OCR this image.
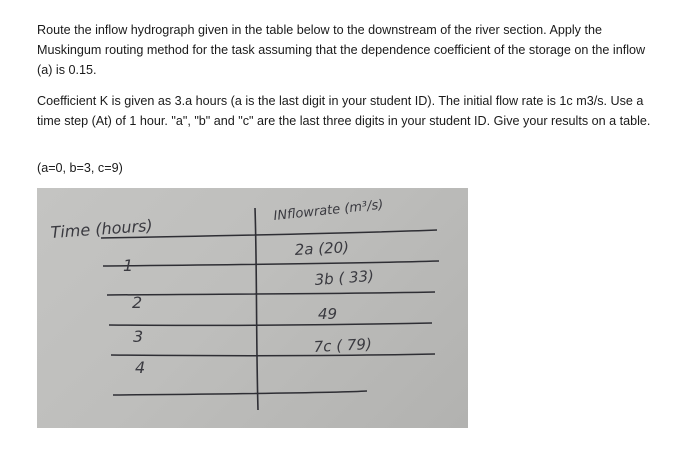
Route the inflow hydrograph given in the table below to the downstream of the river section. Apply the Muskingum routing method for the task assuming that the dependence coefficient of the storage on the inflow (a) is 0.15.

Coefficient K is given as 3.a hours (a is the last digit in your student ID). The initial flow rate is 1c m3/s. Use a time step (At) of 1 hour. "a", "b" and "c" are the last three digits in your student ID. Give your results on a table.

(a=0, b=3, c=9)

Time (hours)
INflowrate (m³/s)
1
2
3
4
2a (20)
3b ( 33)
49
7c ( 79)
